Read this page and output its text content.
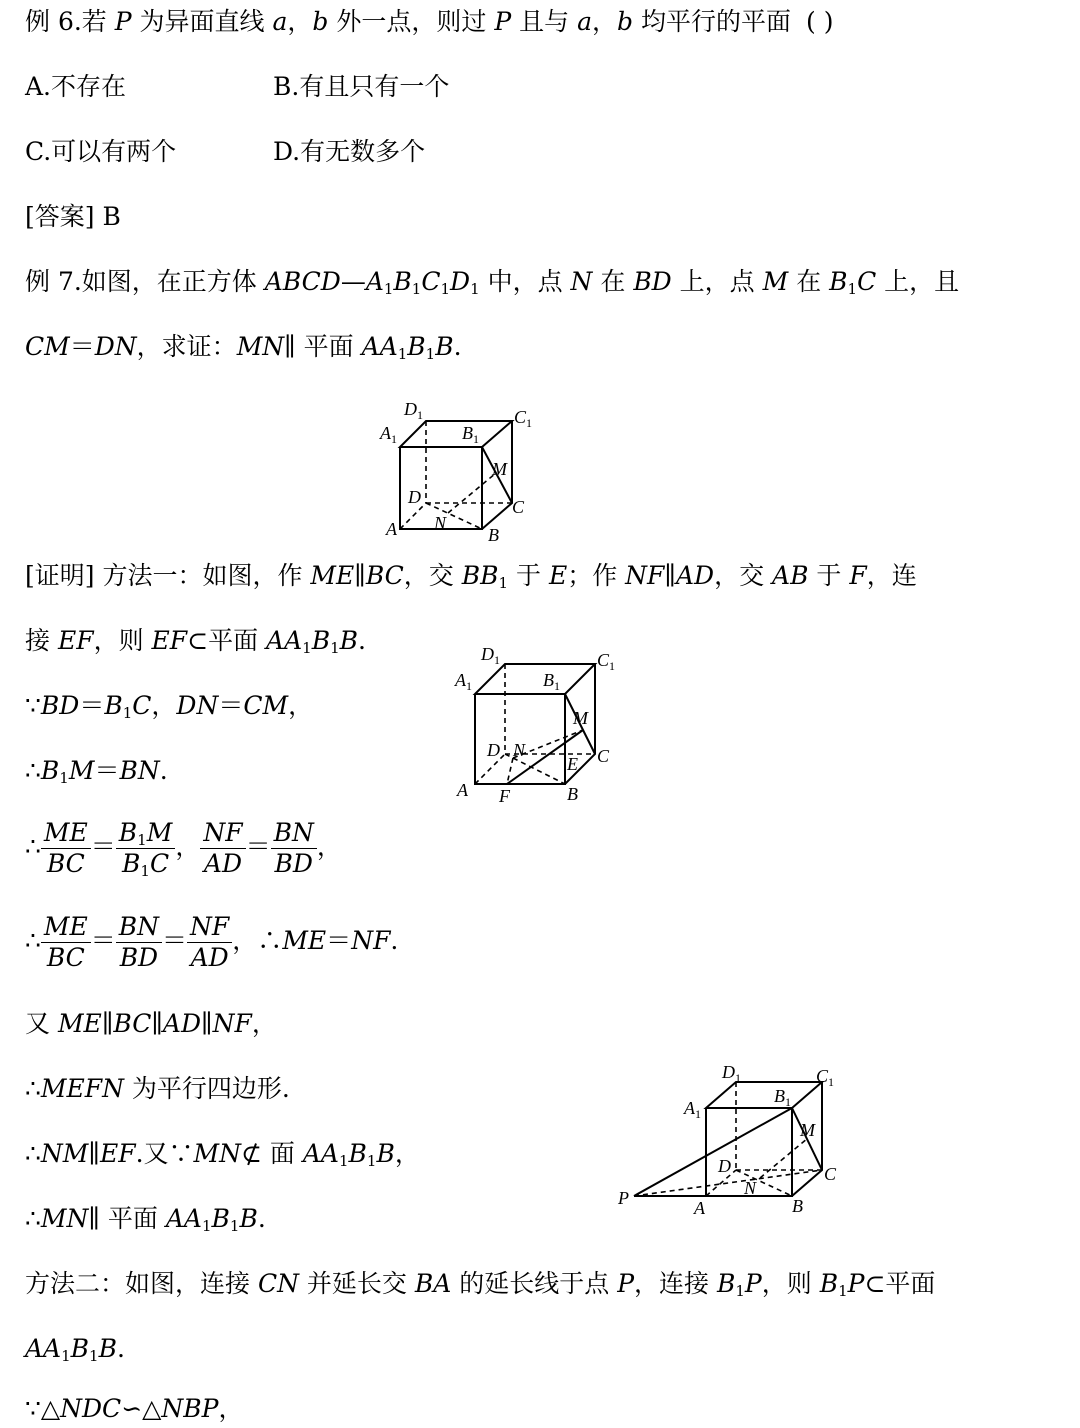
例 6.若 P 为异面直线 a，b 外一点，则过 P 且与 a，b 均平行的平面 ( )
A.不存在	B.有且只有一个
C.可以有两个	D.有无数多个
[答案] B
例 7.如图，在正方体 $ABCD—A_1B_1C_1D_1$ 中，点 N 在 BD 上，点 M 在 $B_1C$ 上，且
CM＝DN，求证：MN∥ 平面 $AA_1B_1B$.
$D_1$	$C_1$
$A_1$	$B_1$
M
D	C
A N
B
[证明] 方法一：如图，作 ME∥BC，交 $BB_1$ 于 E；作 NF∥AD，交 AB 于 F，连
接 EF，则 EF⊂平面 $AA_1B_1B$.
$\because BD=B_1C$，DN＝CM，
$\therefore B_1M=BN$.
$D_1$	$C_1$
$A_1$	$B_1$
M
D N	C
E
A F	B
∴ $\frac{ME}{BC} = \frac{B_1M}{B_1C}$ ， $\frac{NF}{AD} = \frac{BN}{BD}$ ，
∴ $\frac{ME}{BC} = \frac{BN}{BD} = \frac{NF}{AD}$ ，∴ME＝NF.
又 ME∥BC∥AD∥NF，
∴MEFN 为平行四边形.
∴NM∥EF.又∵MN⊄ 面 $AA_1B_1B$，
∴MN∥ 平面 $AA_1B_1B$.
$D_1$	$C_1$
$A_1$
$B_1$
M
D	C
P	A
N
B
方法二：如图，连接 CN 并延长交 BA 的延长线于点 P，连接 $B_1P$，则 $B_1P\subset$平面
$AA_1B_1B$.
∵△NDC∽△NBP，
